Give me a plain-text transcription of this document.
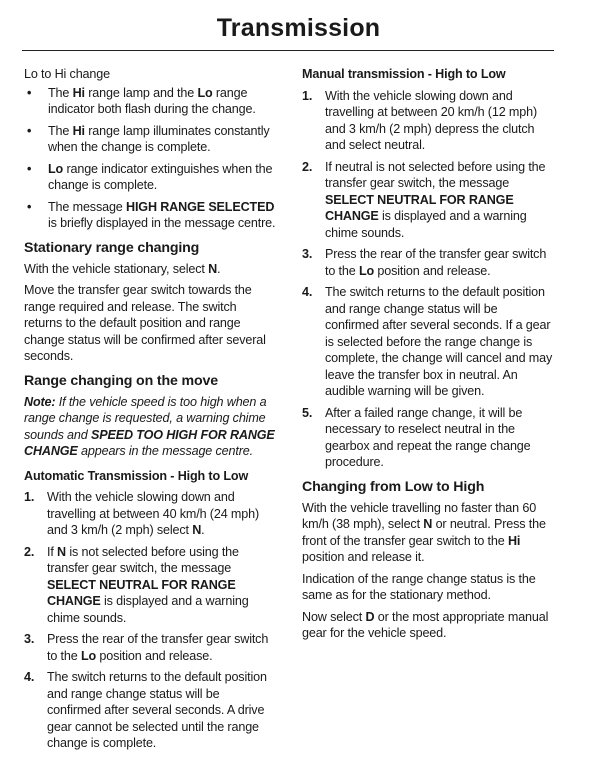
Transmission

Lo to Hi change

• The Hi range lamp and the Lo range indicator both flash during the change.
• The Hi range lamp illuminates constantly when the change is complete.
• Lo range indicator extinguishes when the change is complete.
• The message HIGH RANGE SELECTED is briefly displayed in the message centre.
Stationary range changing

With the vehicle stationary, select N.

Move the transfer gear switch towards the range required and release. The switch returns to the default position and range change status will be confirmed after several seconds.

Range changing on the move

Note: If the vehicle speed is too high when a range change is requested, a warning chime sounds and SPEED TOO HIGH FOR RANGE CHANGE appears in the message centre.

Automatic Transmission - High to Low
1. With the vehicle slowing down and travelling at between 40 km/h (24 mph) and 3 km/h (2 mph) select N.
2. If N is not selected before using the transfer gear switch, the message SELECT NEUTRAL FOR RANGE CHANGE is displayed and a warning chime sounds.
3. Press the rear of the transfer gear switch to the Lo position and release.
4. The switch returns to the default position and range change status will be confirmed after several seconds. A drive gear cannot be selected until the range change is complete.
Manual transmission - High to Low
1. With the vehicle slowing down and travelling at between 20 km/h (12 mph) and 3 km/h (2 mph) depress the clutch and select neutral.
2. If neutral is not selected before using the transfer gear switch, the message SELECT NEUTRAL FOR RANGE CHANGE is displayed and a warning chime sounds.
3. Press the rear of the transfer gear switch to the Lo position and release.
4. The switch returns to the default position and range change status will be confirmed after several seconds. If a gear is selected before the range change is complete, the change will cancel and may leave the transfer box in neutral. An audible warning will be given.
5. After a failed range change, it will be necessary to reselect neutral in the gearbox and repeat the range change procedure.
Changing from Low to High

With the vehicle travelling no faster than 60 km/h (38 mph), select N or neutral. Press the front of the transfer gear switch to the Hi position and release it.

Indication of the range change status is the same as for the stationary method.

Now select D or the most appropriate manual gear for the vehicle speed.
